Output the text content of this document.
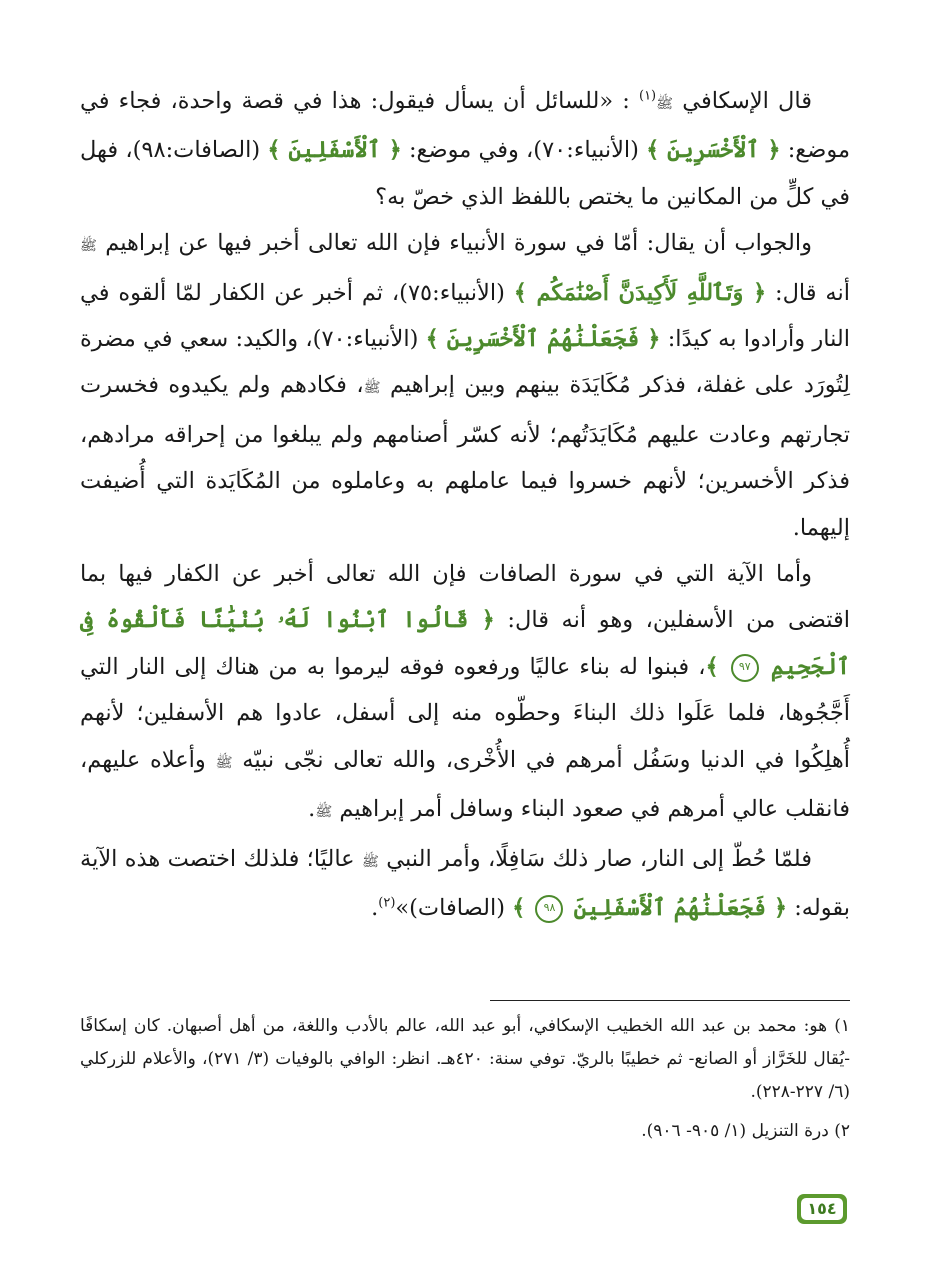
قال الإسكافي ﷺ$^{(١)}$ : «للسائل أن يسأل فيقول: هذا في قصة واحدة، فجاء في موضع: ﴿ ٱلْأَخْسَرِينَ ﴾ (الأنبياء:٧٠)، وفي موضع: ﴿ ٱلْأَسْفَلِينَ ﴾ (الصافات:٩٨)، فهل في كلٍّ من المكانين ما يختص باللفظ الذي خصّ به؟

والجواب أن يقال: أمّا في سورة الأنبياء فإن الله تعالى أخبر فيها عن إبراهيم ﷺ أنه قال: ﴿ وَتَٱللَّهِ لَأَكِيدَنَّ أَصْنَٰمَكُم ﴾ (الأنبياء:٧٥)، ثم أخبر عن الكفار لمّا ألقوه في النار وأرادوا به كيدًا: ﴿ فَجَعَلْنَٰهُمُ ٱلْأَخْسَرِينَ ﴾ (الأنبياء:٧٠)، والكيد: سعي في مضرة لِتُورَد على غفلة، فذكر مُكَايَدَة بينهم وبين إبراهيم ﷺ، فكادهم ولم يكيدوه فخسرت تجارتهم وعادت عليهم مُكَايَدَتُهم؛ لأنه كسّر أصنامهم ولم يبلغوا من إحراقه مرادهم، فذكر الأخسرين؛ لأنهم خسروا فيما عاملهم به وعاملوه من المُكَايَدة التي أُضيفت إليهما.

وأما الآية التي في سورة الصافات فإن الله تعالى أخبر عن الكفار فيها بما اقتضى من الأسفلين، وهو أنه قال: ﴿ قَالُوا ٱبْنُوا لَهُۥ بُنْيَٰنًا فَأَلْقُوهُ فِى ٱلْجَحِيمِ ٩٧ ﴾، فبنوا له بناء عاليًا ورفعوه فوقه ليرموا به من هناك إلى النار التي أَجَّجُوها، فلما عَلَوا ذلك البناءَ وحطّوه منه إلى أسفل، عادوا هم الأسفلين؛ لأنهم أُهلِكُوا في الدنيا وسَفُل أمرهم في الأُخْرى، والله تعالى نجّى نبيّه ﷺ وأعلاه عليهم، فانقلب عالي أمرهم في صعود البناء وسافل أمر إبراهيم ﷺ.

فلمّا حُطّ إلى النار، صار ذلك سَافِلًا، وأمر النبي ﷺ عاليًا؛ فلذلك اختصت هذه الآية بقوله: ﴿ فَجَعَلْنَٰهُمُ ٱلْأَسْفَلِينَ ٩٨ ﴾ (الصافات)»$^{(٢)}$.

١) هو: محمد بن عبد الله الخطيب الإسكافي، أبو عبد الله، عالم بالأدب واللغة، من أهل أصبهان. كان إسكافًا -يُقال للخَرَّاز أو الصانع- ثم خطيبًا بالريّ. توفي سنة: ٤٢٠هـ. انظر: الوافي بالوفيات (٣/ ٢٧١)، والأعلام للزركلي (٦/ ٢٢٧-٢٢٨).

٢) درة التنزيل (١/ ٩٠٥- ٩٠٦).

١٥٤
